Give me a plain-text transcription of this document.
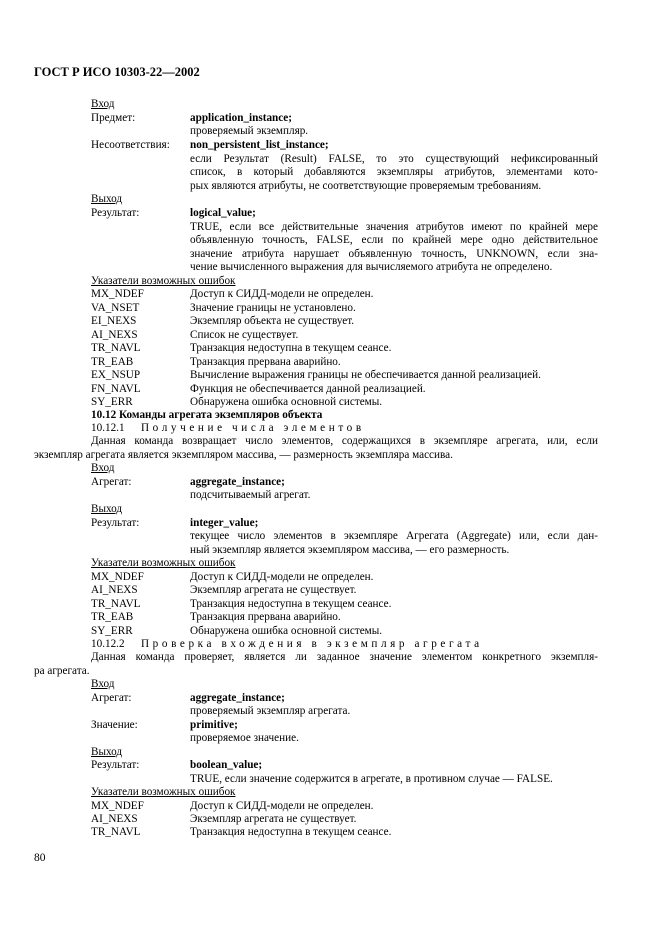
ГОСТ Р ИСО 10303-22—2002
Вход
Предмет:	application_instance;
проверяемый экземпляр.
Несоответствия: non_persistent_list_instance;
если Результат (Result) FALSE, то это существующий нефиксированный
список, в который добавляются экземпляры атрибутов, элементами кото-
рых являются атрибуты, не соответствующие проверяемым требованиям.
Выход
Результат:	logical_value;
TRUE, если все действительные значения атрибутов имеют по крайней мере
объявленную точность, FALSE, если по крайней мере одно действительное
значение атрибута нарушает объявленную точность, UNKNOWN, если зна-
чение вычисленного выражения для вычисляемого атрибута не определено.
Указатели возможных ошибок
MX_NDEF	Доступ к СИДД-модели не определен.
VA_NSET	Значение границы не установлено.
EI_NEXS	Экземпляр объекта не существует.
AI_NEXS	Список не существует.
TR_NAVL	Транзакция недоступна в текущем сеансе.
TR_EAB	Транзакция прервана аварийно.
EX_NSUP	Вычисление выражения границы не обеспечивается данной реализацией.
FN_NAVL	Функция не обеспечивается данной реализацией.
SY_ERR	Обнаружена ошибка основной системы.
10.12 Команды агрегата экземпляров объекта
10.12.1 Получение числа элементов
Данная команда возвращает число элементов, содержащихся в экземпляре агрегата, или, если
экземпляр агрегата является экземпляром массива, — размерность экземпляра массива.
Вход
Агрегат:	aggregate_instance;
подсчитываемый агрегат.
Выход
Результат:	integer_value;
текущее число элементов в экземпляре Агрегата (Aggregate) или, если дан-
ный экземпляр является экземпляром массива, — его размерность.
Указатели возможных ошибок
MX_NDEF	Доступ к СИДД-модели не определен.
AI_NEXS	Экземпляр агрегата не существует.
TR_NAVL	Транзакция недоступна в текущем сеансе.
TR_EAB	Транзакция прервана аварийно.
SY_ERR	Обнаружена ошибка основной системы.
10.12.2 Проверка вхождения в экземпляр агрегата
Данная команда проверяет, является ли заданное значение элементом конкретного экземпля-
ра агрегата.
Вход
Агрегат:	aggregate_instance;
проверяемый экземпляр агрегата.
Значение:	primitive;
проверяемое значение.
Выход
Результат:	boolean_value;
TRUE, если значение содержится в агрегате, в противном случае — FALSE.
Указатели возможных ошибок
MX_NDEF	Доступ к СИДД-модели не определен.
AI_NEXS	Экземпляр агрегата не существует.
TR_NAVL	Транзакция недоступна в текущем сеансе.
80
